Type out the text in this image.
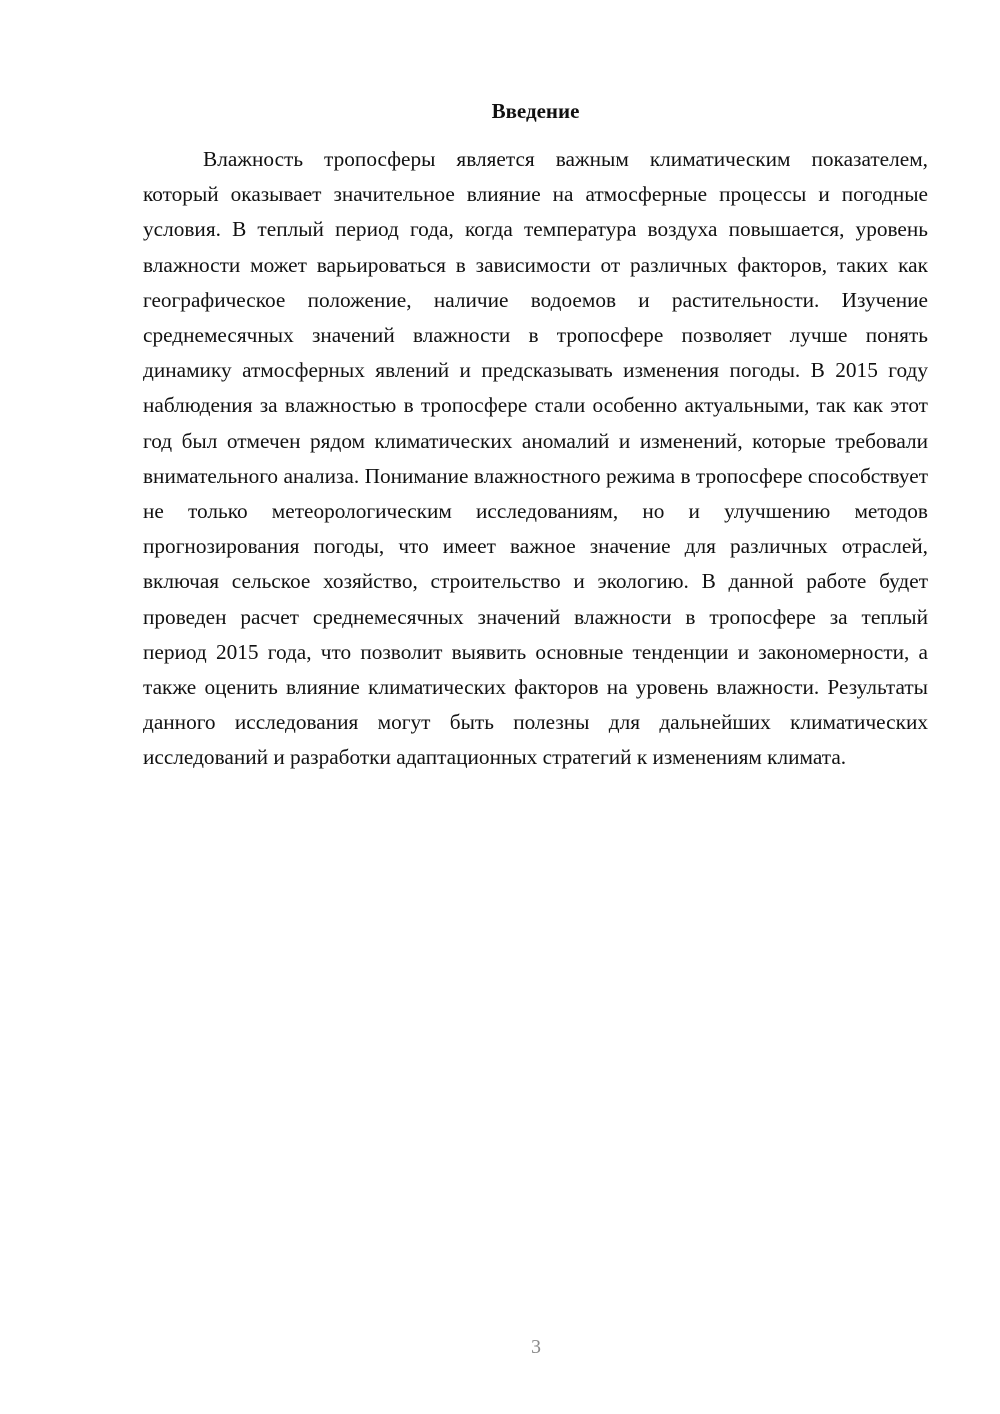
Введение

Влажность тропосферы является важным климатическим показателем, который оказывает значительное влияние на атмосферные процессы и погодные условия. В теплый период года, когда температура воздуха повышается, уровень влажности может варьироваться в зависимости от различных факторов, таких как географическое положение, наличие водоемов и растительности. Изучение среднемесячных значений влажности в тропосфере позволяет лучше понять динамику атмосферных явлений и предсказывать изменения погоды. В 2015 году наблюдения за влажностью в тропосфере стали особенно актуальными, так как этот год был отмечен рядом климатических аномалий и изменений, которые требовали внимательного анализа. Понимание влажностного режима в тропосфере способствует не только метеорологическим исследованиям, но и улучшению методов прогнозирования погоды, что имеет важное значение для различных отраслей, включая сельское хозяйство, строительство и экологию. В данной работе будет проведен расчет среднемесячных значений влажности в тропосфере за теплый период 2015 года, что позволит выявить основные тенденции и закономерности, а также оценить влияние климатических факторов на уровень влажности. Результаты данного исследования могут быть полезны для дальнейших климатических исследований и разработки адаптационных стратегий к изменениям климата.

3
